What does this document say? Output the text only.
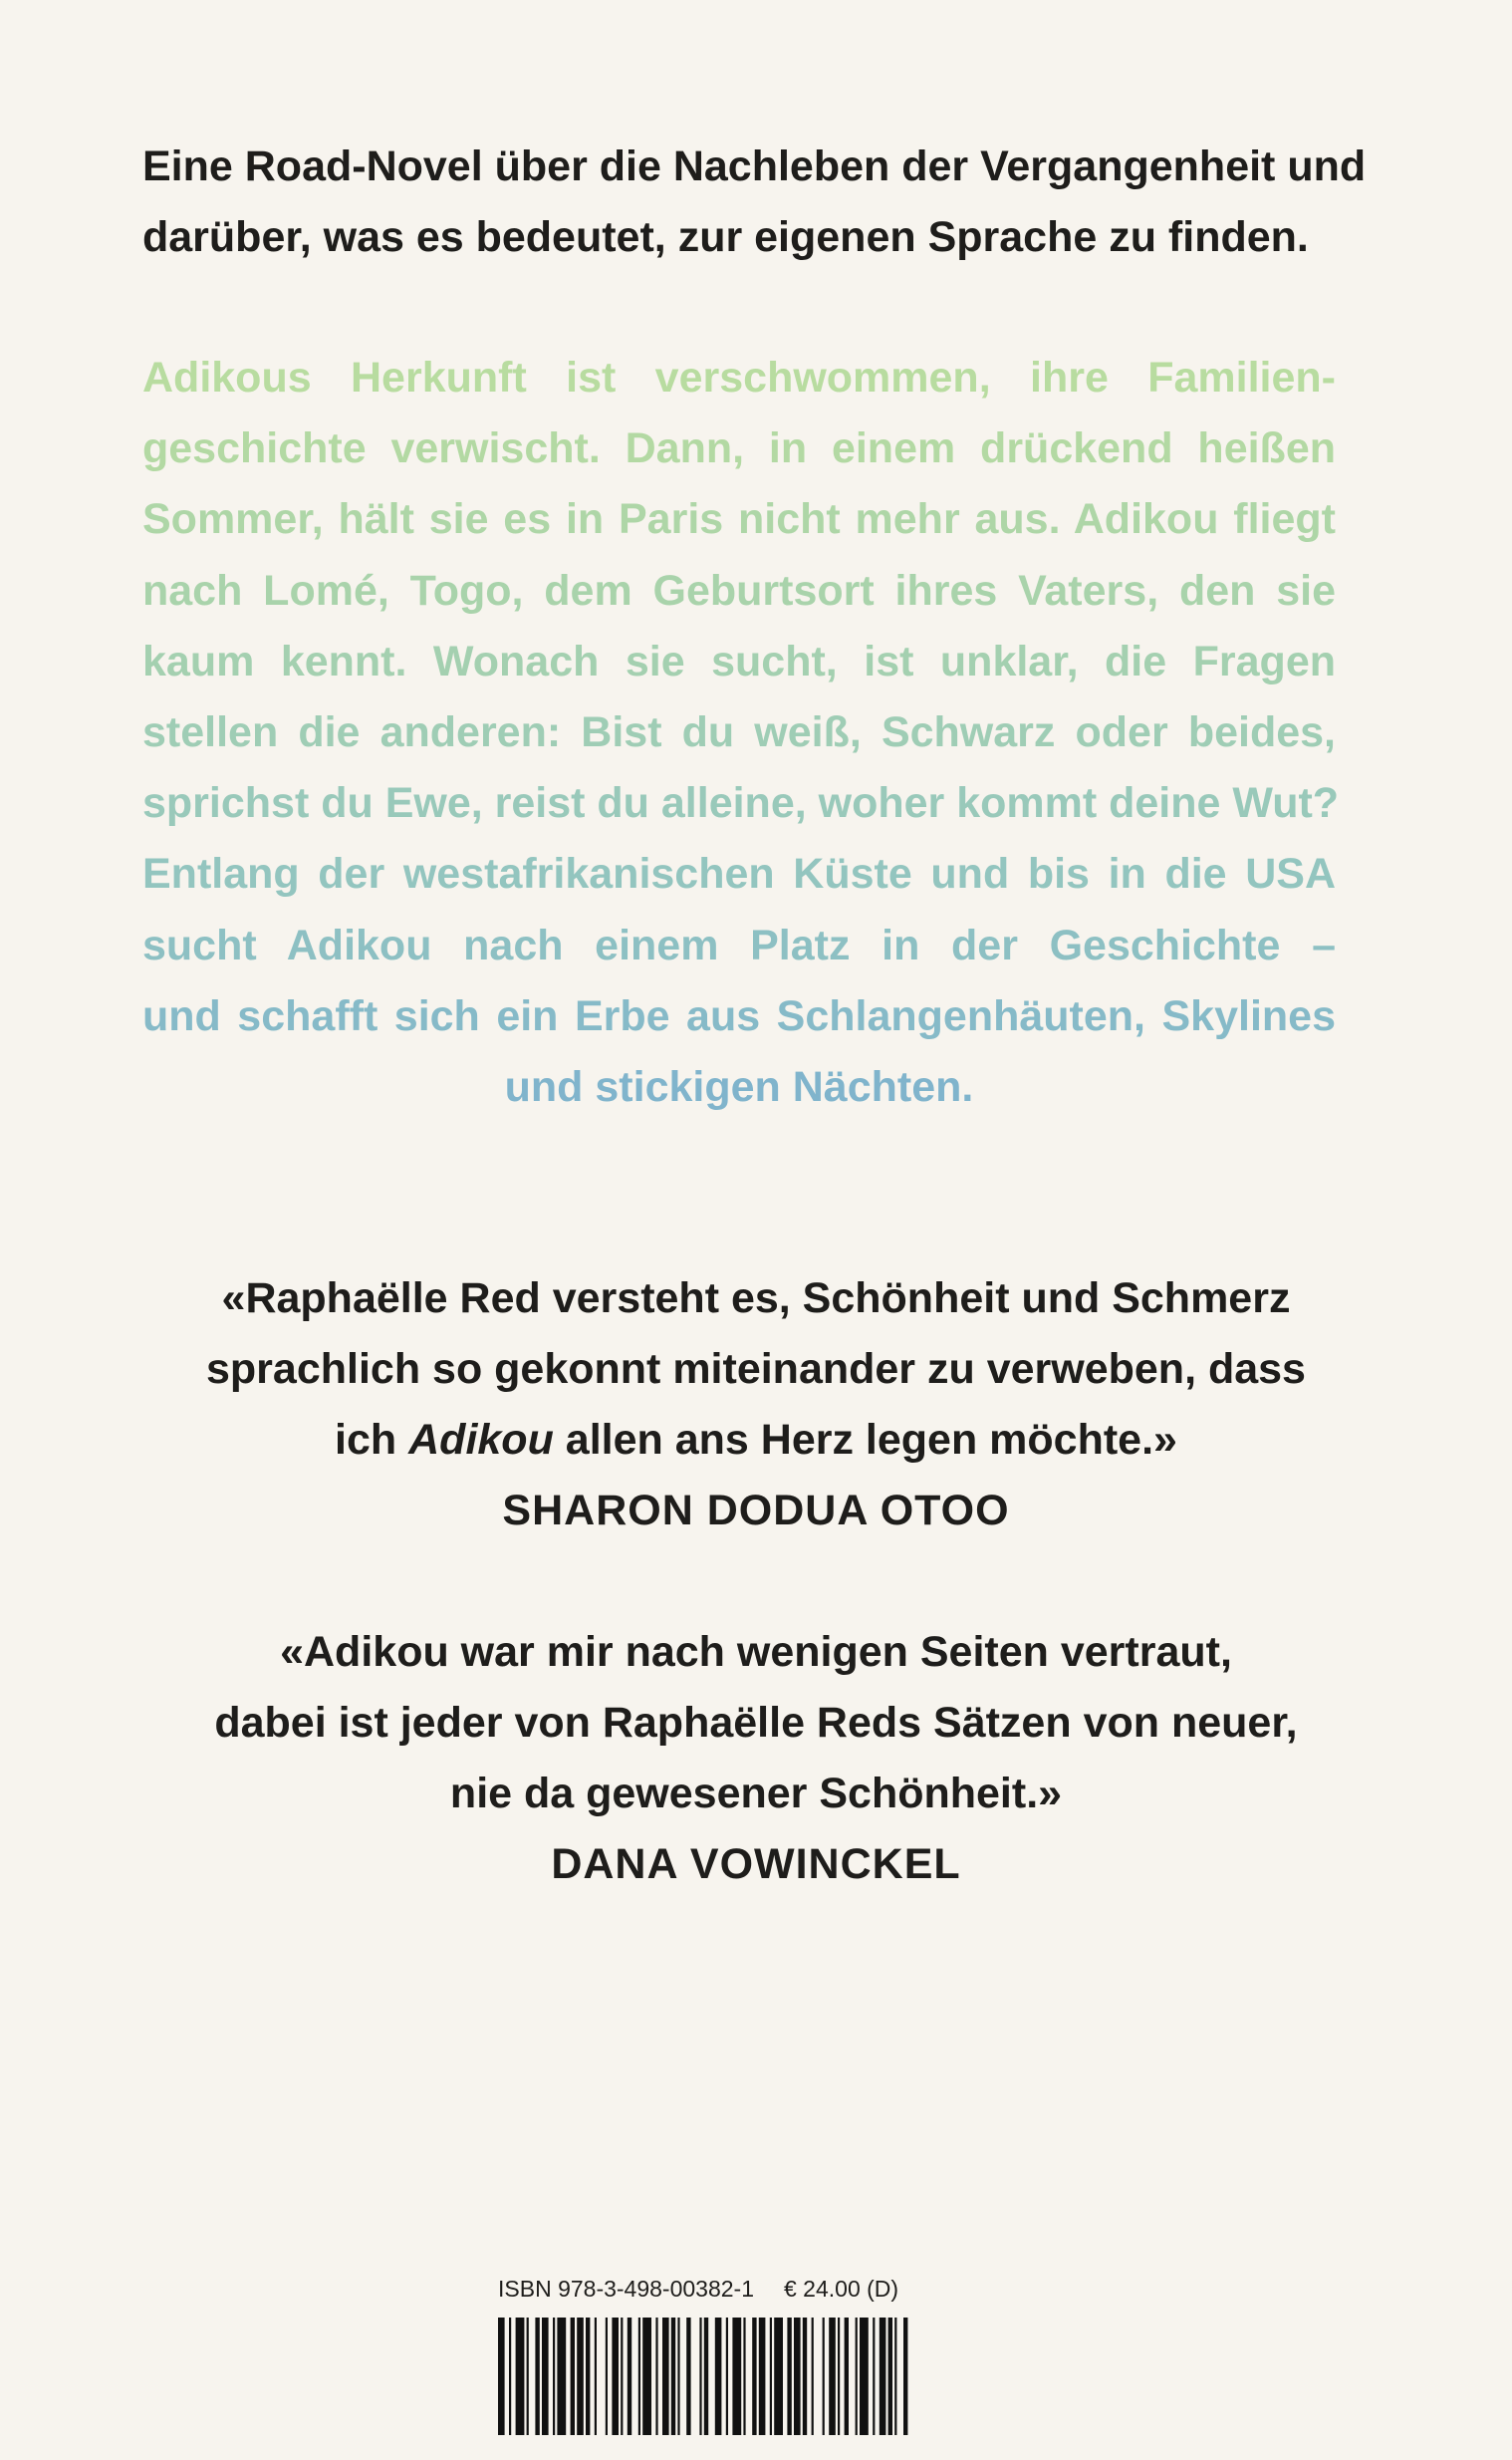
Eine Road-Novel über die Nachleben der Vergangenheit und
darüber, was es bedeutet, zur eigenen Sprache zu finden.

Adikous Herkunft ist verschwommen, ihre Familien-
geschichte verwischt. Dann, in einem drückend heißen
Sommer, hält sie es in Paris nicht mehr aus. Adikou fliegt
nach Lomé, Togo, dem Geburtsort ihres Vaters, den sie
kaum kennt. Wonach sie sucht, ist unklar, die Fragen
stellen die anderen: Bist du weiß, Schwarz oder beides,
sprichst du Ewe, reist du alleine, woher kommt deine Wut?
Entlang der westafrikanischen Küste und bis in die USA
sucht Adikou nach einem Platz in der Geschichte –
und schafft sich ein Erbe aus Schlangenhäuten, Skylines
und stickigen Nächten.

«Raphaëlle Red versteht es, Schönheit und Schmerz
sprachlich so gekonnt miteinander zu verweben, dass
ich Adikou allen ans Herz legen möchte.»
SHARON DODUA OTOO

«Adikou war mir nach wenigen Seiten vertraut,
dabei ist jeder von Raphaëlle Reds Sätzen von neuer,
nie da gewesener Schönheit.»
DANA VOWINCKEL

ISBN 978-3-498-00382-1 € 24.00 (D)
